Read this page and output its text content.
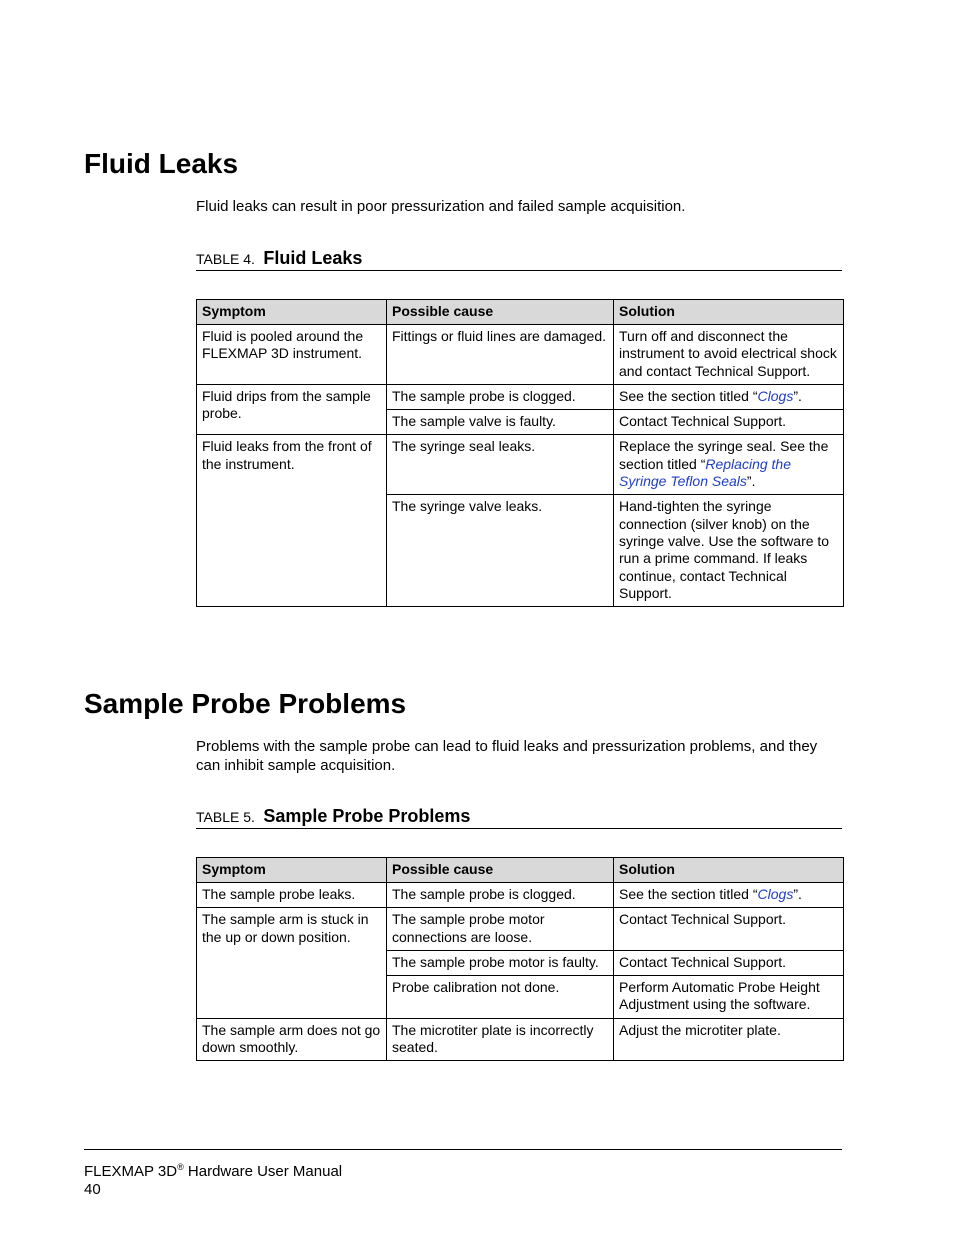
Fluid Leaks

Fluid leaks can result in poor pressurization and failed sample acquisition.

TABLE 4. Fluid Leaks
Symptom	Possible cause	Solution
Fluid is pooled around the FLEXMAP 3D instrument.	Fittings or fluid lines are damaged.	Turn off and disconnect the instrument to avoid electrical shock and contact Technical Support.
Fluid drips from the sample probe.	The sample probe is clogged.	See the section titled “Clogs”.
	The sample valve is faulty.	Contact Technical Support.
Fluid leaks from the front of the instrument.	The syringe seal leaks.	Replace the syringe seal. See the section titled “Replacing the Syringe Teflon Seals”.
	The syringe valve leaks.	Hand-tighten the syringe connection (silver knob) on the syringe valve. Use the software to run a prime command. If leaks continue, contact Technical Support.
Sample Probe Problems

Problems with the sample probe can lead to fluid leaks and pressurization problems, and they can inhibit sample acquisition.

TABLE 5. Sample Probe Problems
Symptom	Possible cause	Solution
The sample probe leaks.	The sample probe is clogged.	See the section titled “Clogs”.
The sample arm is stuck in the up or down position.	The sample probe motor connections are loose.	Contact Technical Support.
	The sample probe motor is faulty.	Contact Technical Support.
	Probe calibration not done.	Perform Automatic Probe Height Adjustment using the software.
The sample arm does not go down smoothly.	The microtiter plate is incorrectly seated.	Adjust the microtiter plate.
FLEXMAP 3D® Hardware User Manual
40
